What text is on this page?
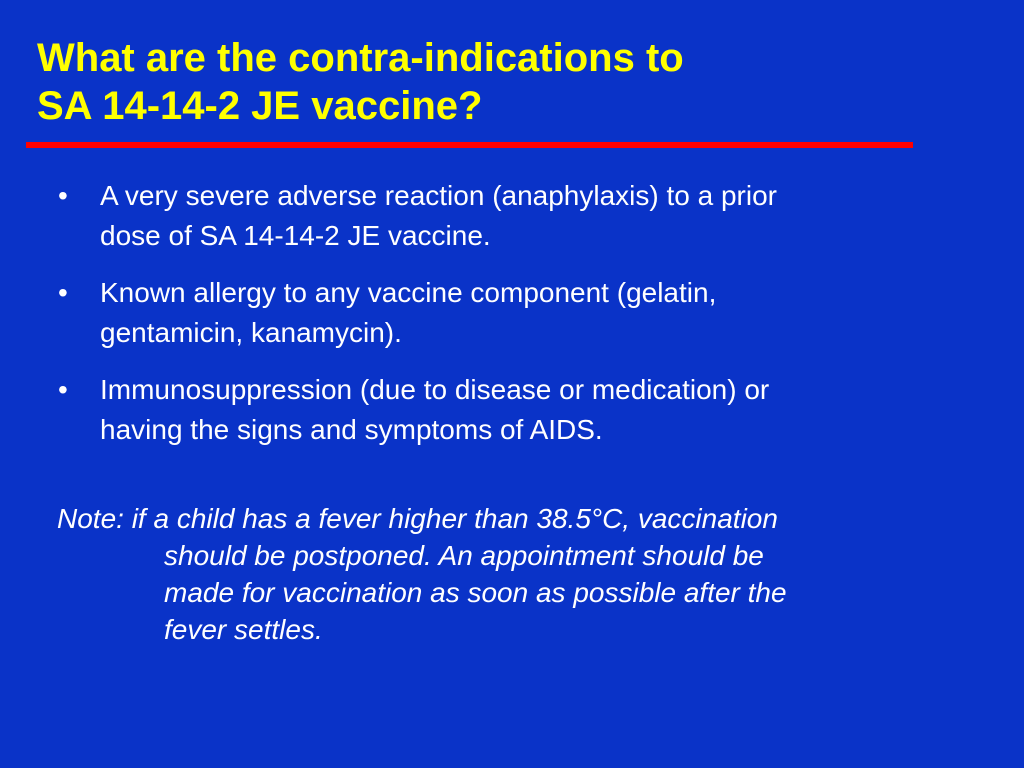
What are the contra-indications to
SA 14-14-2 JE vaccine?
•	A very severe adverse reaction (anaphylaxis) to a prior
dose of SA 14-14-2 JE vaccine.
•	Known allergy to any vaccine component (gelatin,
gentamicin, kanamycin).
•	Immunosuppression (due to disease or medication) or
having the signs and symptoms of AIDS.
Note: if a child has a fever higher than 38.5°C, vaccination
should be postponed. An appointment should be
made for vaccination as soon as possible after the
fever settles.
